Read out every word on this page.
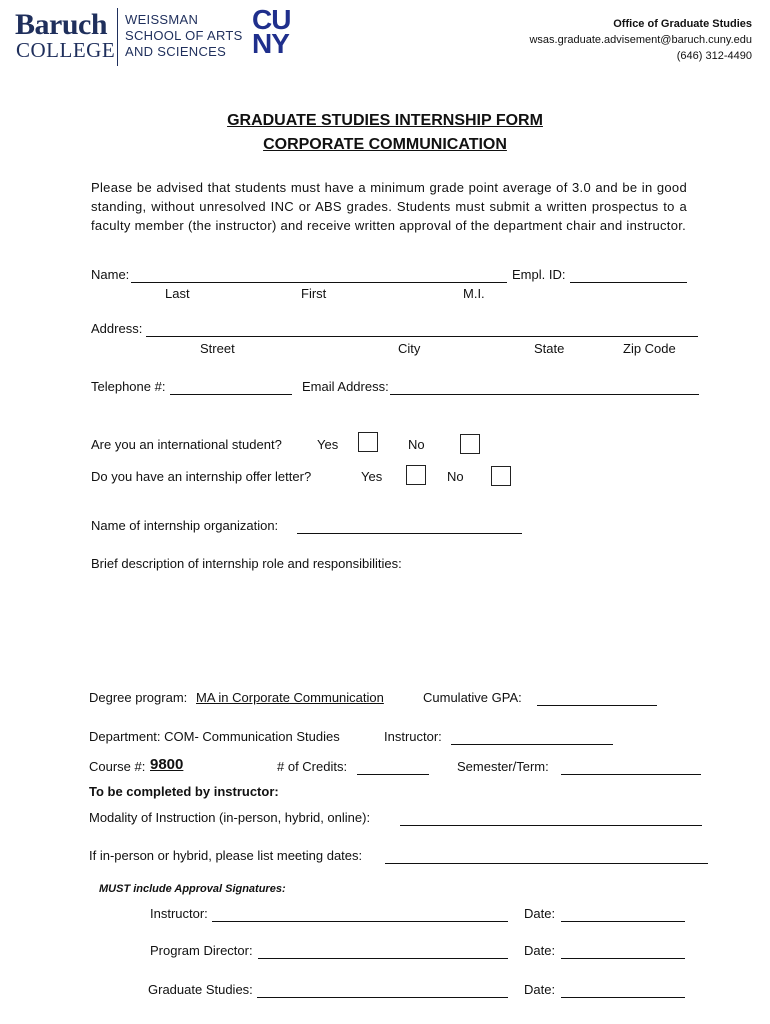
Baruch
COLLEGE
WEISSMAN
SCHOOL OF ARTS
AND SCIENCES
CU
NY
Office of Graduate Studies
wsas.graduate.advisement@baruch.cuny.edu
(646) 312-4490
GRADUATE STUDIES INTERNSHIP FORM
CORPORATE COMMUNICATION
Please be advised that students must have a minimum grade point average of 3.0 and be in good standing, without unresolved INC or ABS grades. Students must submit a written prospectus to a faculty member (the instructor) and receive written approval of the department chair and instructor.
Name:	Empl. ID:
Last	First	M.I.
Address:
Street	City	State	Zip Code
Telephone #:	Email Address:
Are you an international student?	Yes	No
Do you have an internship offer letter?	Yes	No
Name of internship organization:
Brief description of internship role and responsibilities:
Degree program: MA in Corporate Communication	Cumulative GPA:
Department: COM- Communication Studies	Instructor:
Course #: 9800	# of Credits:	Semester/Term:
To be completed by instructor:
Modality of Instruction (in-person, hybrid, online):
If in-person or hybrid, please list meeting dates:
MUST include Approval Signatures:
Instructor:	Date:
Program Director:	Date:
Graduate Studies:	Date:
